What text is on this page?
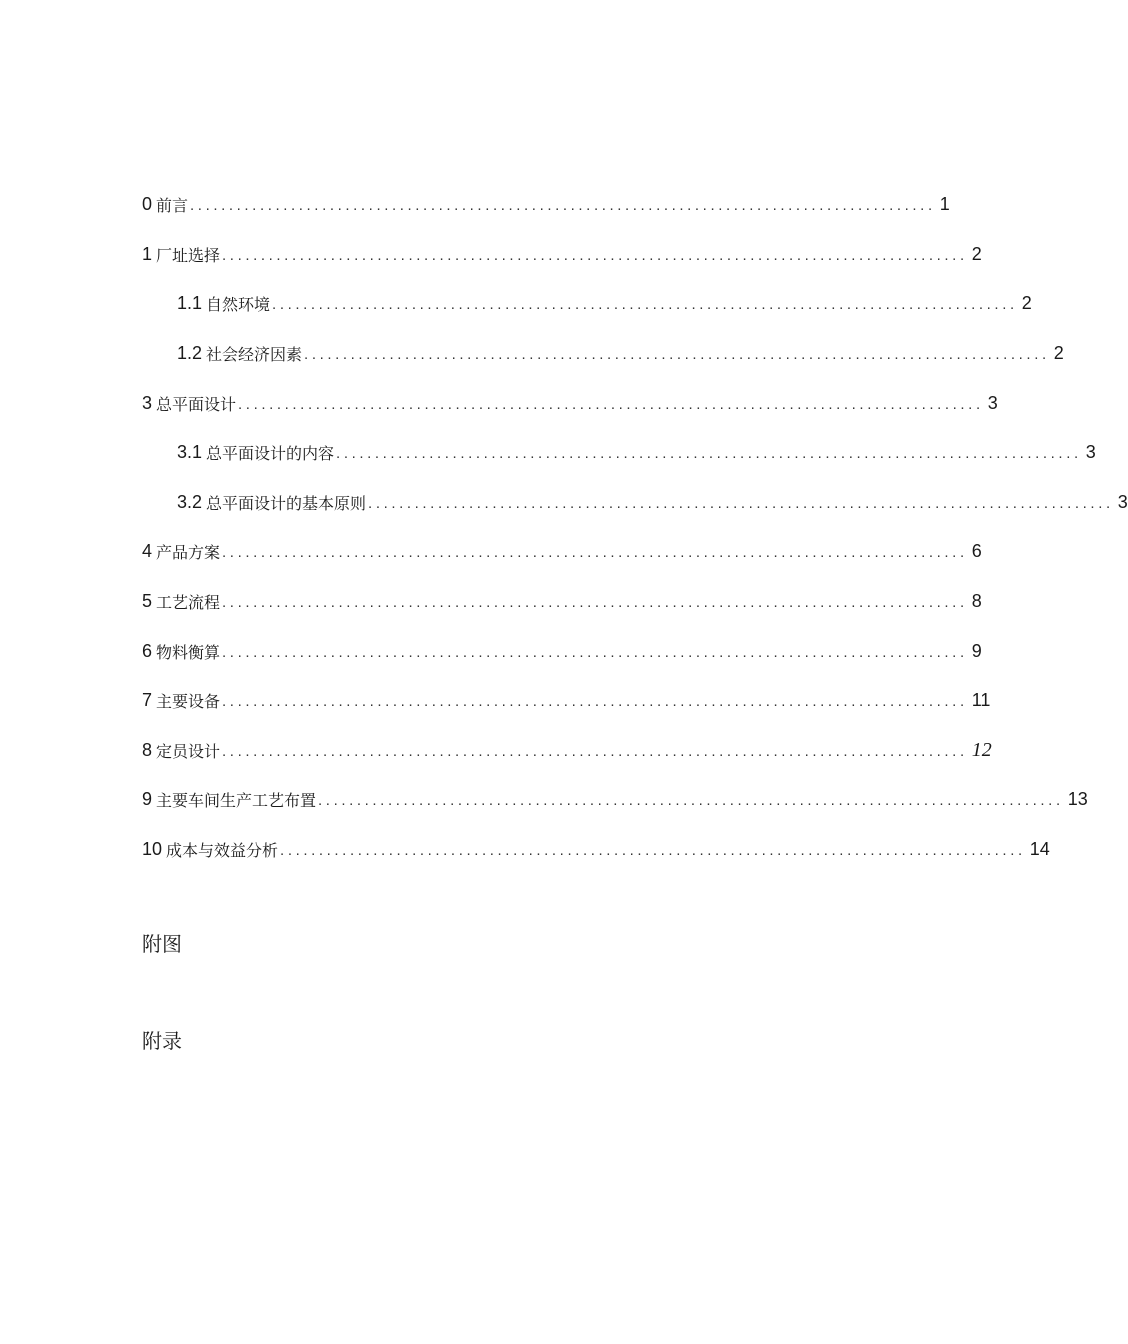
0 前言 ................................................................................................ 1
1 厂址选择 ................................................................................................ 2
1.1 自然环境 ................................................................................................ 2
1.2 社会经济因素 ................................................................................................ 2
3 总平面设计 ................................................................................................ 3
3.1 总平面设计的内容 ................................................................................................ 3
3.2 总平面设计的基本原则 ................................................................................................ 3
4 产品方案 ................................................................................................ 6
5 工艺流程 ................................................................................................ 8
6 物料衡算 ................................................................................................ 9
7 主要设备 ................................................................................................ 11
8 定员设计 ................................................................................................ 12
9 主要车间生产工艺布置 ................................................................................................ 13
10 成本与效益分析 ................................................................................................ 14
附图
附录
